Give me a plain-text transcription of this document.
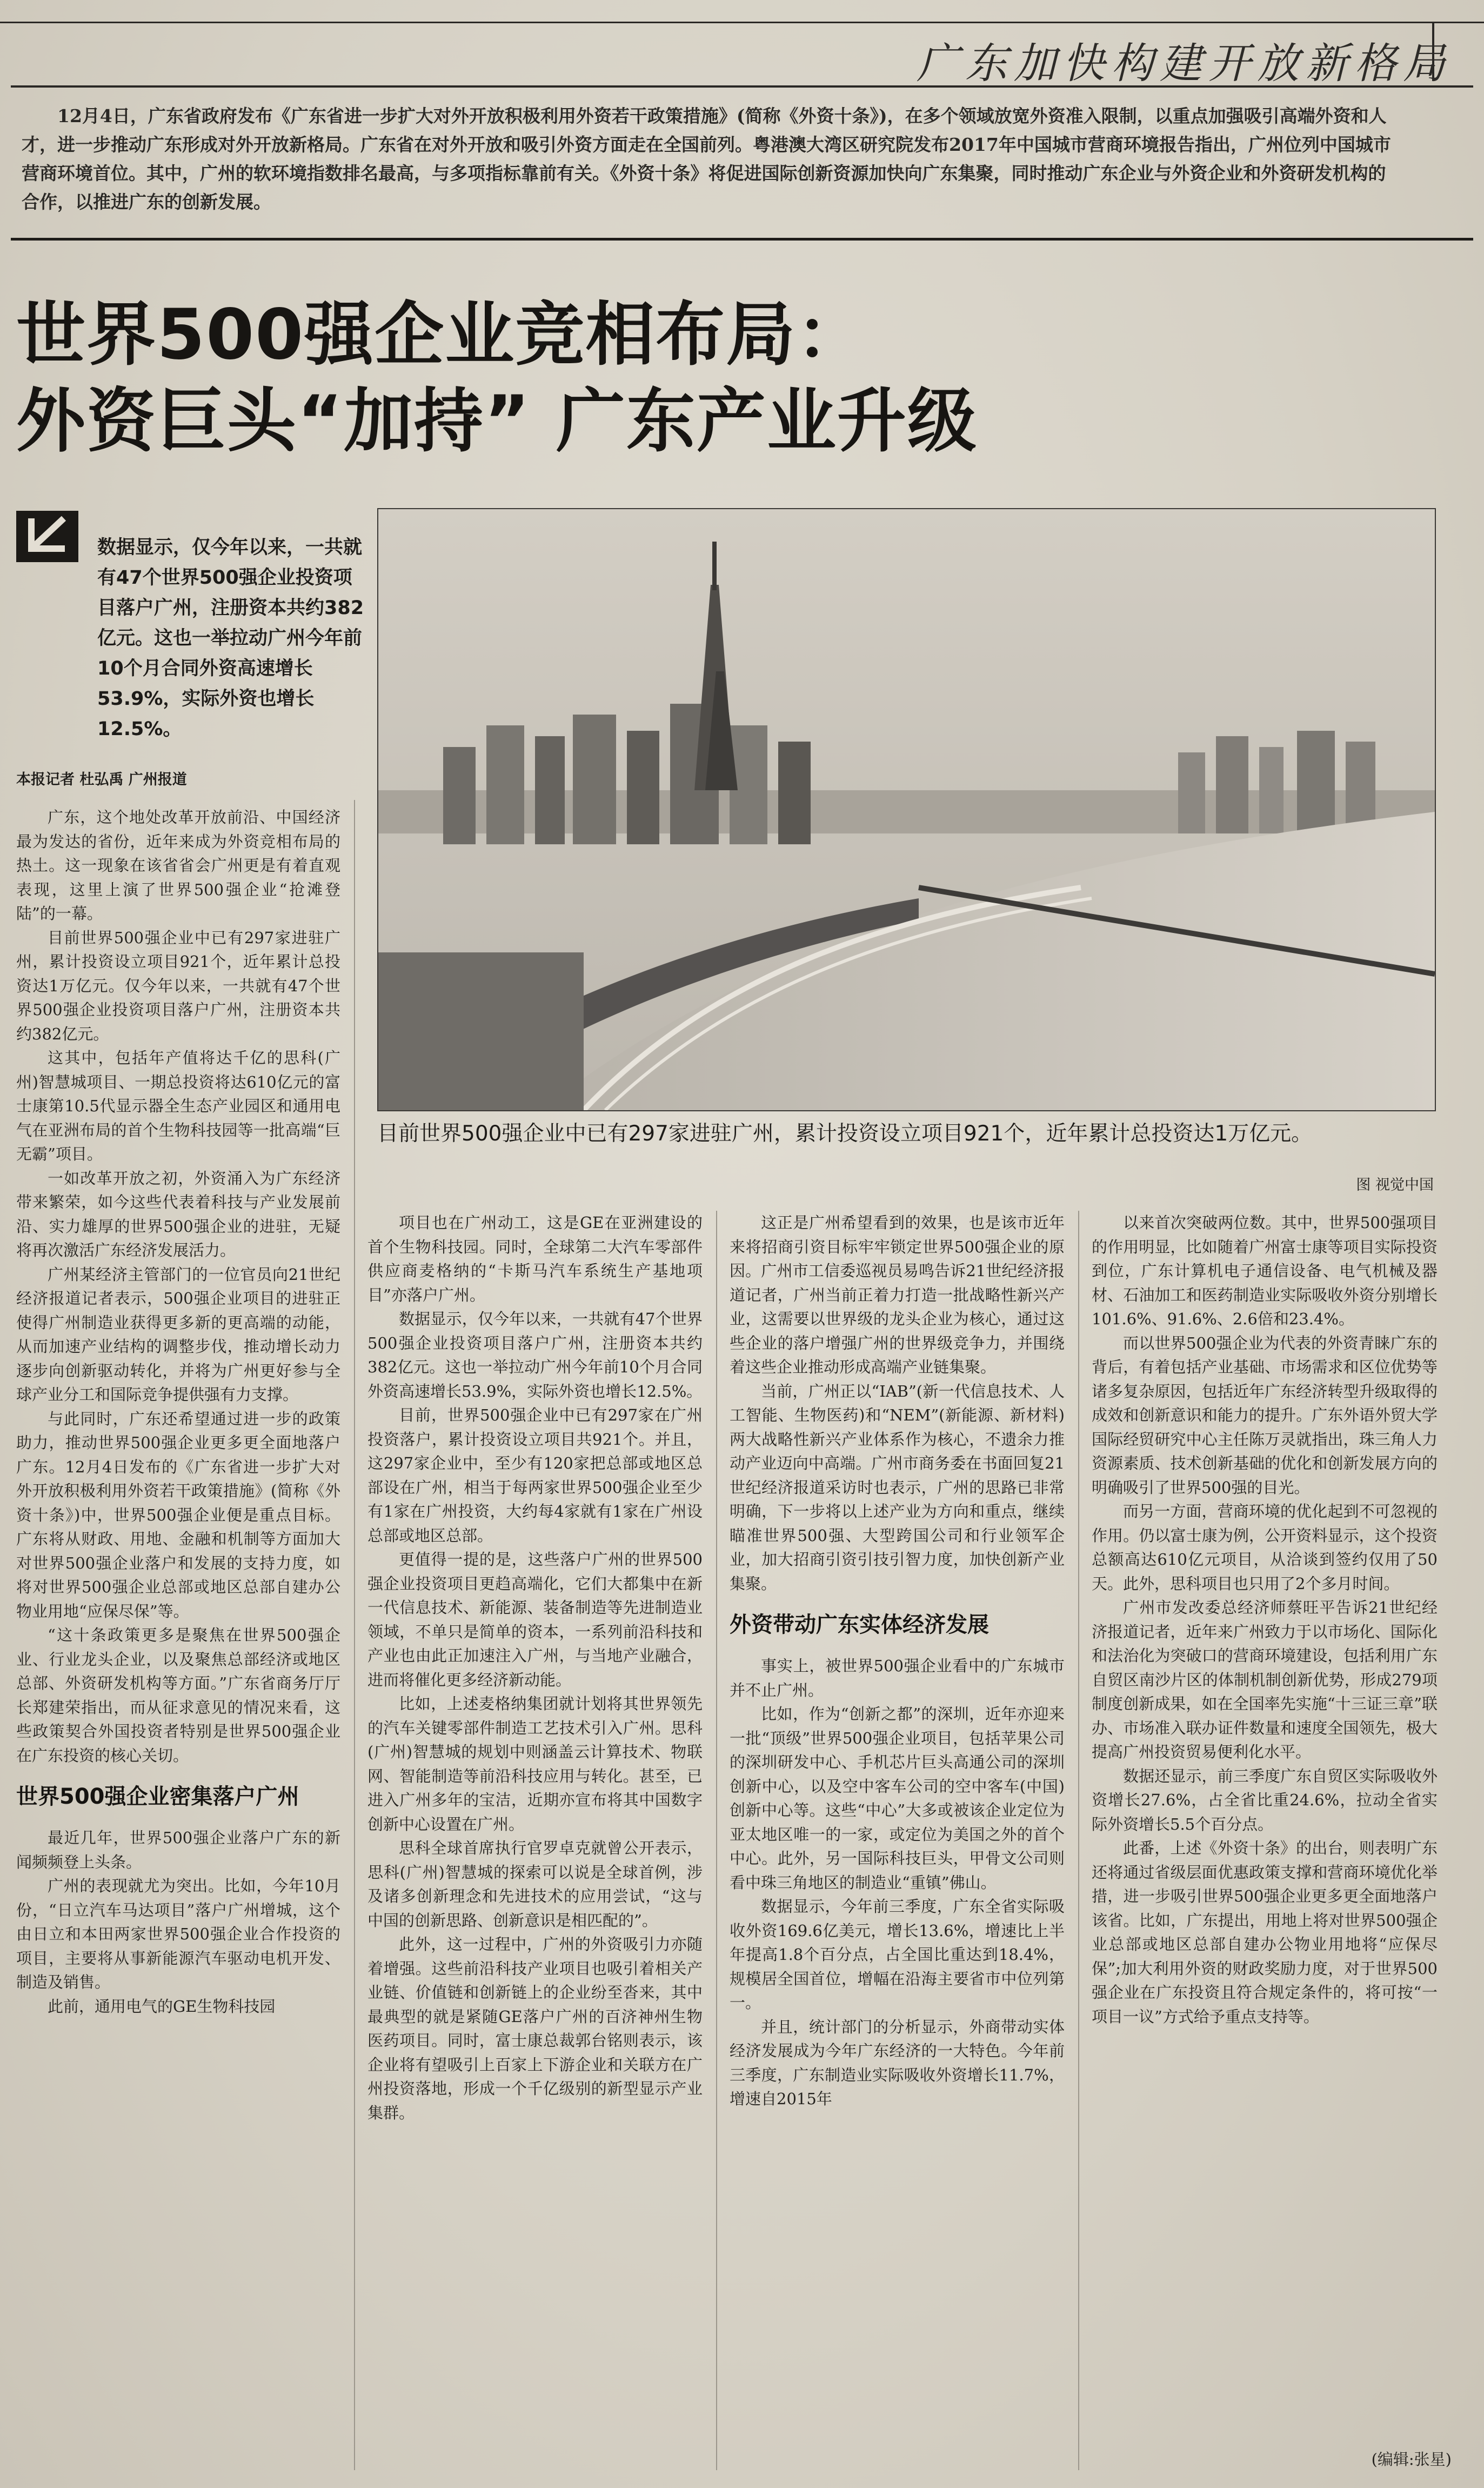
广东加快构建开放新格局

12月4日，广东省政府发布《广东省进一步扩大对外开放积极利用外资若干政策措施》(简称《外资十条》)，在多个领域放宽外资准入限制，以重点加强吸引高端外资和人才，进一步推动广东形成对外开放新格局。广东省在对外开放和吸引外资方面走在全国前列。粤港澳大湾区研究院发布2017年中国城市营商环境报告指出，广州位列中国城市营商环境首位。其中，广州的软环境指数排名最高，与多项指标靠前有关。《外资十条》将促进国际创新资源加快向广东集聚，同时推动广东企业与外资企业和外资研发机构的合作，以推进广东的创新发展。

世界500强企业竞相布局：
外资巨头“加持” 广东产业升级
数据显示，仅今年以来，一共就有47个世界500强企业投资项目落户广州，注册资本共约382亿元。这也一举拉动广州今年前10个月合同外资高速增长53.9%，实际外资也增长12.5%。
本报记者 杜弘禹 广州报道
目前世界500强企业中已有297家进驻广州，累计投资设立项目921个，近年累计总投资达1万亿元。
图 视觉中国

广东，这个地处改革开放前沿、中国经济最为发达的省份，近年来成为外资竞相布局的热土。这一现象在该省省会广州更是有着直观表现，这里上演了世界500强企业“抢滩登陆”的一幕。

目前世界500强企业中已有297家进驻广州，累计投资设立项目921个，近年累计总投资达1万亿元。仅今年以来，一共就有47个世界500强企业投资项目落户广州，注册资本共约382亿元。

这其中，包括年产值将达千亿的思科(广州)智慧城项目、一期总投资将达610亿元的富士康第10.5代显示器全生态产业园区和通用电气在亚洲布局的首个生物科技园等一批高端“巨无霸”项目。

一如改革开放之初，外资涌入为广东经济带来繁荣，如今这些代表着科技与产业发展前沿、实力雄厚的世界500强企业的进驻，无疑将再次激活广东经济发展活力。

广州某经济主管部门的一位官员向21世纪经济报道记者表示，500强企业项目的进驻正使得广州制造业获得更多新的更高端的动能，从而加速产业结构的调整步伐，推动增长动力逐步向创新驱动转化，并将为广州更好参与全球产业分工和国际竞争提供强有力支撑。

与此同时，广东还希望通过进一步的政策助力，推动世界500强企业更多更全面地落户广东。12月4日发布的《广东省进一步扩大对外开放积极利用外资若干政策措施》(简称《外资十条》)中，世界500强企业便是重点目标。广东将从财政、用地、金融和机制等方面加大对世界500强企业落户和发展的支持力度，如将对世界500强企业总部或地区总部自建办公物业用地“应保尽保”等。

“这十条政策更多是聚焦在世界500强企业、行业龙头企业，以及聚焦总部经济或地区总部、外资研发机构等方面。”广东省商务厅厅长郑建荣指出，而从征求意见的情况来看，这些政策契合外国投资者特别是世界500强企业在广东投资的核心关切。

世界500强企业密集落户广州

最近几年，世界500强企业落户广东的新闻频频登上头条。

广州的表现就尤为突出。比如，今年10月份，“日立汽车马达项目”落户广州增城，这个由日立和本田两家世界500强企业合作投资的项目，主要将从事新能源汽车驱动电机开发、制造及销售。

此前，通用电气的GE生物科技园

项目也在广州动工，这是GE在亚洲建设的首个生物科技园。同时，全球第二大汽车零部件供应商麦格纳的“卡斯马汽车系统生产基地项目”亦落户广州。

数据显示，仅今年以来，一共就有47个世界500强企业投资项目落户广州，注册资本共约382亿元。这也一举拉动广州今年前10个月合同外资高速增长53.9%，实际外资也增长12.5%。

目前，世界500强企业中已有297家在广州投资落户，累计投资设立项目共921个。并且，这297家企业中，至少有120家把总部或地区总部设在广州，相当于每两家世界500强企业至少有1家在广州投资，大约每4家就有1家在广州设总部或地区总部。

更值得一提的是，这些落户广州的世界500强企业投资项目更趋高端化，它们大都集中在新一代信息技术、新能源、装备制造等先进制造业领域，不单只是简单的资本，一系列前沿科技和产业也由此正加速注入广州，与当地产业融合，进而将催化更多经济新动能。

比如，上述麦格纳集团就计划将其世界领先的汽车关键零部件制造工艺技术引入广州。思科(广州)智慧城的规划中则涵盖云计算技术、物联网、智能制造等前沿科技应用与转化。甚至，已进入广州多年的宝洁，近期亦宣布将其中国数字创新中心设置在广州。

思科全球首席执行官罗卓克就曾公开表示，思科(广州)智慧城的探索可以说是全球首例，涉及诸多创新理念和先进技术的应用尝试，“这与中国的创新思路、创新意识是相匹配的”。

此外，这一过程中，广州的外资吸引力亦随着增强。这些前沿科技产业项目也吸引着相关产业链、价值链和创新链上的企业纷至沓来，其中最典型的就是紧随GE落户广州的百济神州生物医药项目。同时，富士康总裁郭台铭则表示，该企业将有望吸引上百家上下游企业和关联方在广州投资落地，形成一个千亿级别的新型显示产业集群。

这正是广州希望看到的效果，也是该市近年来将招商引资目标牢牢锁定世界500强企业的原因。广州市工信委巡视员易鸣告诉21世纪经济报道记者，广州当前正着力打造一批战略性新兴产业，这需要以世界级的龙头企业为核心，通过这些企业的落户增强广州的世界级竞争力，并围绕着这些企业推动形成高端产业链集聚。

当前，广州正以“IAB”(新一代信息技术、人工智能、生物医药)和“NEM”(新能源、新材料)两大战略性新兴产业体系作为核心，不遗余力推动产业迈向中高端。广州市商务委在书面回复21世纪经济报道采访时也表示，广州的思路已非常明确，下一步将以上述产业为方向和重点，继续瞄准世界500强、大型跨国公司和行业领军企业，加大招商引资引技引智力度，加快创新产业集聚。

外资带动广东实体经济发展

事实上，被世界500强企业看中的广东城市并不止广州。

比如，作为“创新之都”的深圳，近年亦迎来一批“顶级”世界500强企业项目，包括苹果公司的深圳研发中心、手机芯片巨头高通公司的深圳创新中心，以及空中客车公司的空中客车(中国)创新中心等。这些“中心”大多或被该企业定位为亚太地区唯一的一家，或定位为美国之外的首个中心。此外，另一国际科技巨头，甲骨文公司则看中珠三角地区的制造业“重镇”佛山。

数据显示，今年前三季度，广东全省实际吸收外资169.6亿美元，增长13.6%，增速比上半年提高1.8个百分点，占全国比重达到18.4%，规模居全国首位，增幅在沿海主要省市中位列第一。

并且，统计部门的分析显示，外商带动实体经济发展成为今年广东经济的一大特色。今年前三季度，广东制造业实际吸收外资增长11.7%，增速自2015年

以来首次突破两位数。其中，世界500强项目的作用明显，比如随着广州富士康等项目实际投资到位，广东计算机电子通信设备、电气机械及器材、石油加工和医药制造业实际吸收外资分别增长101.6%、91.6%、2.6倍和23.4%。

而以世界500强企业为代表的外资青睐广东的背后，有着包括产业基础、市场需求和区位优势等诸多复杂原因，包括近年广东经济转型升级取得的成效和创新意识和能力的提升。广东外语外贸大学国际经贸研究中心主任陈万灵就指出，珠三角人力资源素质、技术创新基础的优化和创新发展方向的明确吸引了世界500强的目光。

而另一方面，营商环境的优化起到不可忽视的作用。仍以富士康为例，公开资料显示，这个投资总额高达610亿元项目，从洽谈到签约仅用了50天。此外，思科项目也只用了2个多月时间。

广州市发改委总经济师蔡旺平告诉21世纪经济报道记者，近年来广州致力于以市场化、国际化和法治化为突破口的营商环境建设，包括利用广东自贸区南沙片区的体制机制创新优势，形成279项制度创新成果，如在全国率先实施“十三证三章”联办、市场准入联办证件数量和速度全国领先，极大提高广州投资贸易便利化水平。

数据还显示，前三季度广东自贸区实际吸收外资增长27.6%，占全省比重24.6%，拉动全省实际外资增长5.5个百分点。

此番，上述《外资十条》的出台，则表明广东还将通过省级层面优惠政策支撑和营商环境优化举措，进一步吸引世界500强企业更多更全面地落户该省。比如，广东提出，用地上将对世界500强企业总部或地区总部自建办公物业用地将“应保尽保”;加大利用外资的财政奖励力度，对于世界500强企业在广东投资且符合规定条件的，将可按“一项目一议”方式给予重点支持等。

(编辑:张星)
